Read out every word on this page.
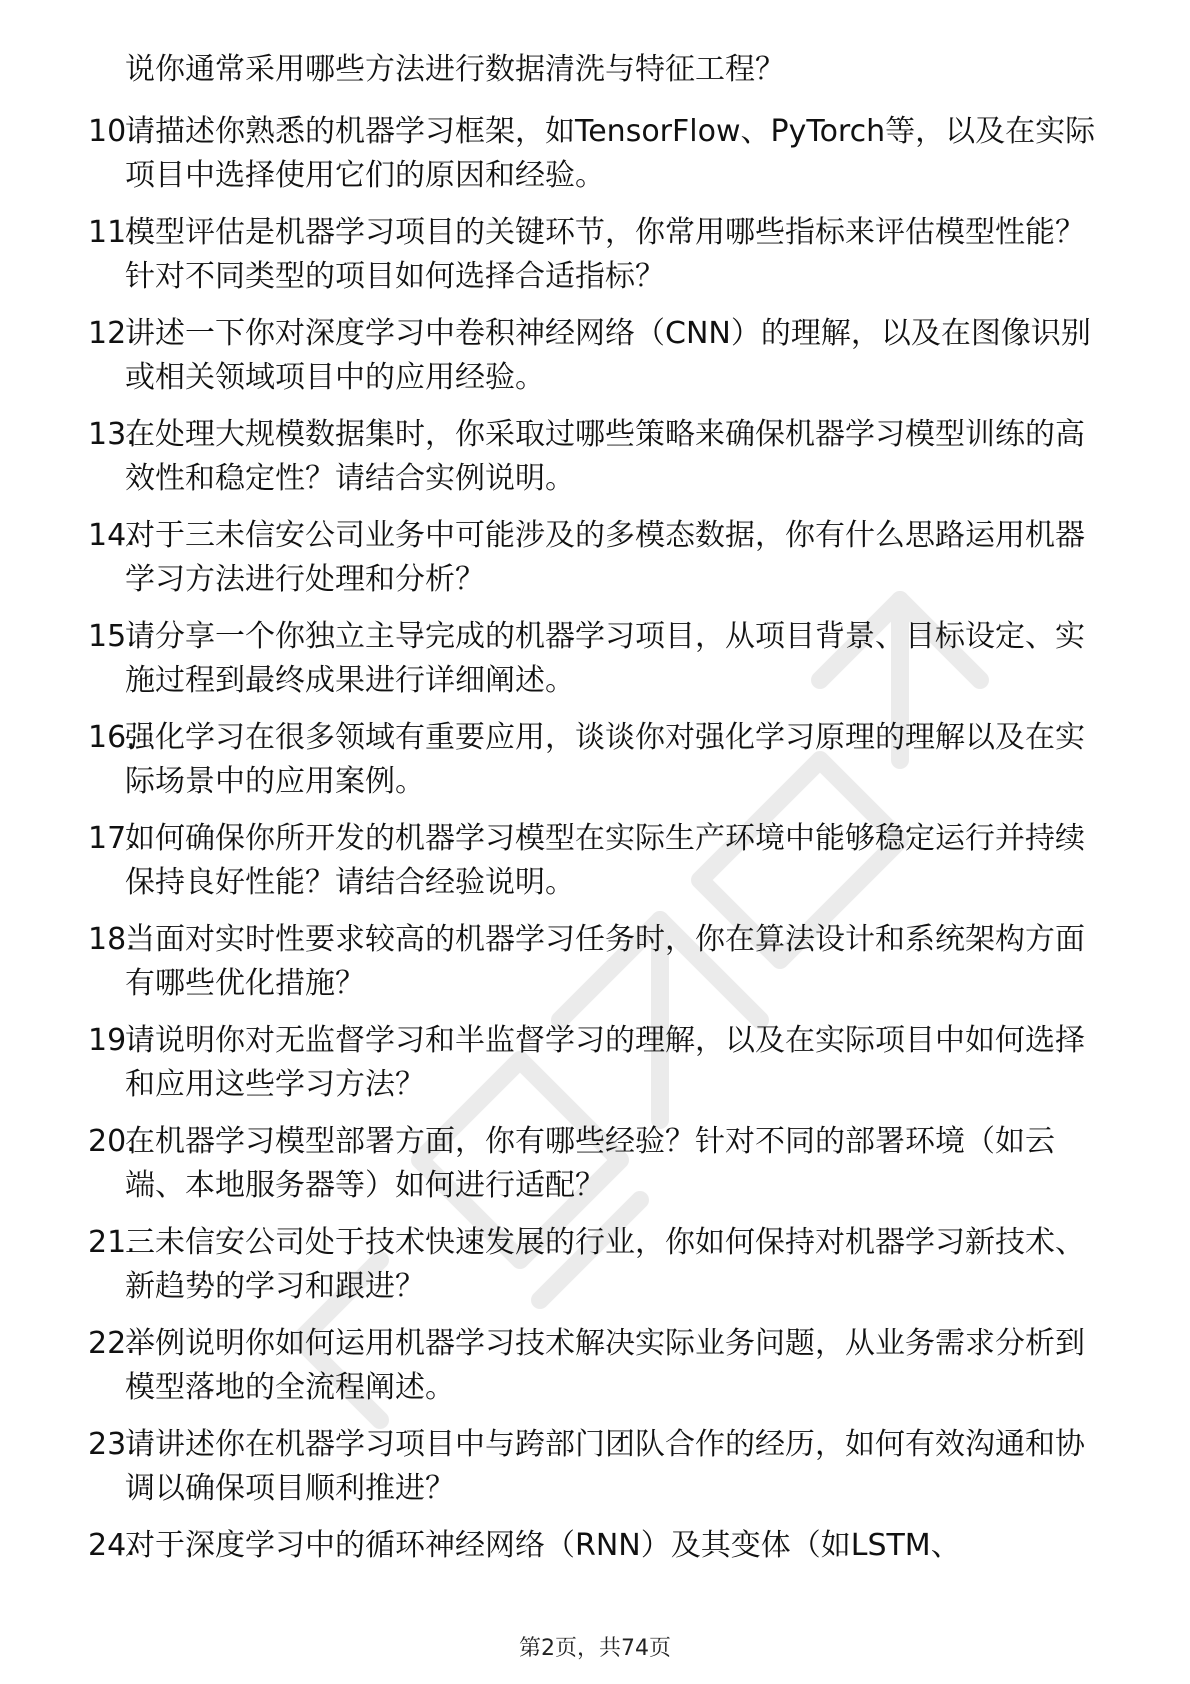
说你通常采用哪些方法进行数据清洗与特征工程？
10.
请描述你熟悉的机器学习框架，如TensorFlow、PyTorch等，以及在实际项目中选择使用它们的原因和经验。
11.
模型评估是机器学习项目的关键环节，你常用哪些指标来评估模型性能？针对不同类型的项目如何选择合适指标？
12.
讲述一下你对深度学习中卷积神经网络（CNN）的理解，以及在图像识别或相关领域项目中的应用经验。
13.
在处理大规模数据集时，你采取过哪些策略来确保机器学习模型训练的高效性和稳定性？请结合实例说明。
14.
对于三未信安公司业务中可能涉及的多模态数据，你有什么思路运用机器学习方法进行处理和分析？
15.
请分享一个你独立主导完成的机器学习项目，从项目背景、目标设定、实施过程到最终成果进行详细阐述。
16.
强化学习在很多领域有重要应用，谈谈你对强化学习原理的理解以及在实际场景中的应用案例。
17.
如何确保你所开发的机器学习模型在实际生产环境中能够稳定运行并持续保持良好性能？请结合经验说明。
18.
当面对实时性要求较高的机器学习任务时，你在算法设计和系统架构方面有哪些优化措施？
19.
请说明你对无监督学习和半监督学习的理解，以及在实际项目中如何选择和应用这些学习方法？
20.
在机器学习模型部署方面，你有哪些经验？针对不同的部署环境（如云端、本地服务器等）如何进行适配？
21.
三未信安公司处于技术快速发展的行业，你如何保持对机器学习新技术、新趋势的学习和跟进？
22.
举例说明你如何运用机器学习技术解决实际业务问题，从业务需求分析到模型落地的全流程阐述。
23.
请讲述你在机器学习项目中与跨部门团队合作的经历，如何有效沟通和协调以确保项目顺利推进？
24.
对于深度学习中的循环神经网络（RNN）及其变体（如LSTM、
第2页，共74页
